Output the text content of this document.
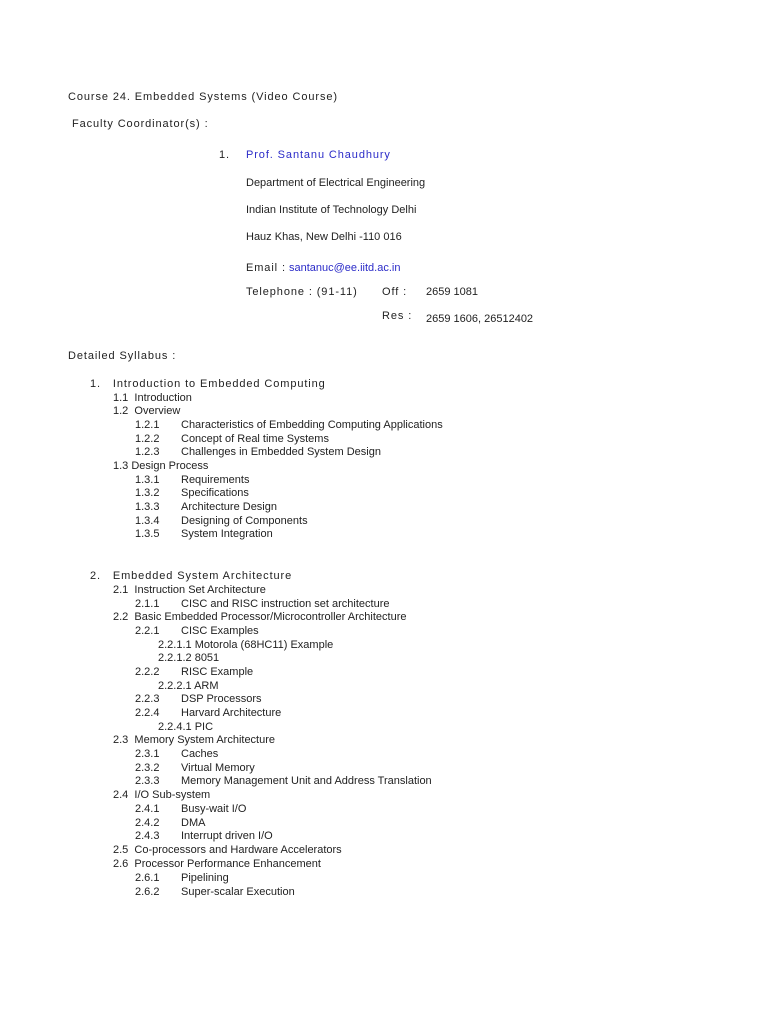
Course 24. Embedded Systems (Video Course)
Faculty Coordinator(s) :
1. Prof. Santanu Chaudhury
Department of Electrical Engineering
Indian Institute of Technology Delhi
Hauz Khas, New Delhi -110 016
Email : santanuc@ee.iitd.ac.in
Telephone : (91-11) Off : 2659 1081
Res : 2659 1606, 26512402
Detailed Syllabus :
1. Introduction to Embedded Computing
1.1 Introduction
1.2 Overview
1.2.1 Characteristics of Embedding Computing Applications
1.2.2 Concept of Real time Systems
1.2.3 Challenges in Embedded System Design
1.3 Design Process
1.3.1 Requirements
1.3.2 Specifications
1.3.3 Architecture Design
1.3.4 Designing of Components
1.3.5 System Integration
2. Embedded System Architecture
2.1 Instruction Set Architecture
2.1.1 CISC and RISC instruction set architecture
2.2 Basic Embedded Processor/Microcontroller Architecture
2.2.1 CISC Examples
2.2.1.1 Motorola (68HC11) Example
2.2.1.2 8051
2.2.2 RISC Example
2.2.2.1 ARM
2.2.3 DSP Processors
2.2.4 Harvard Architecture
2.2.4.1 PIC
2.3 Memory System Architecture
2.3.1 Caches
2.3.2 Virtual Memory
2.3.3 Memory Management Unit and Address Translation
2.4 I/O Sub-system
2.4.1 Busy-wait I/O
2.4.2 DMA
2.4.3 Interrupt driven I/O
2.5 Co-processors and Hardware Accelerators
2.6 Processor Performance Enhancement
2.6.1 Pipelining
2.6.2 Super-scalar Execution
